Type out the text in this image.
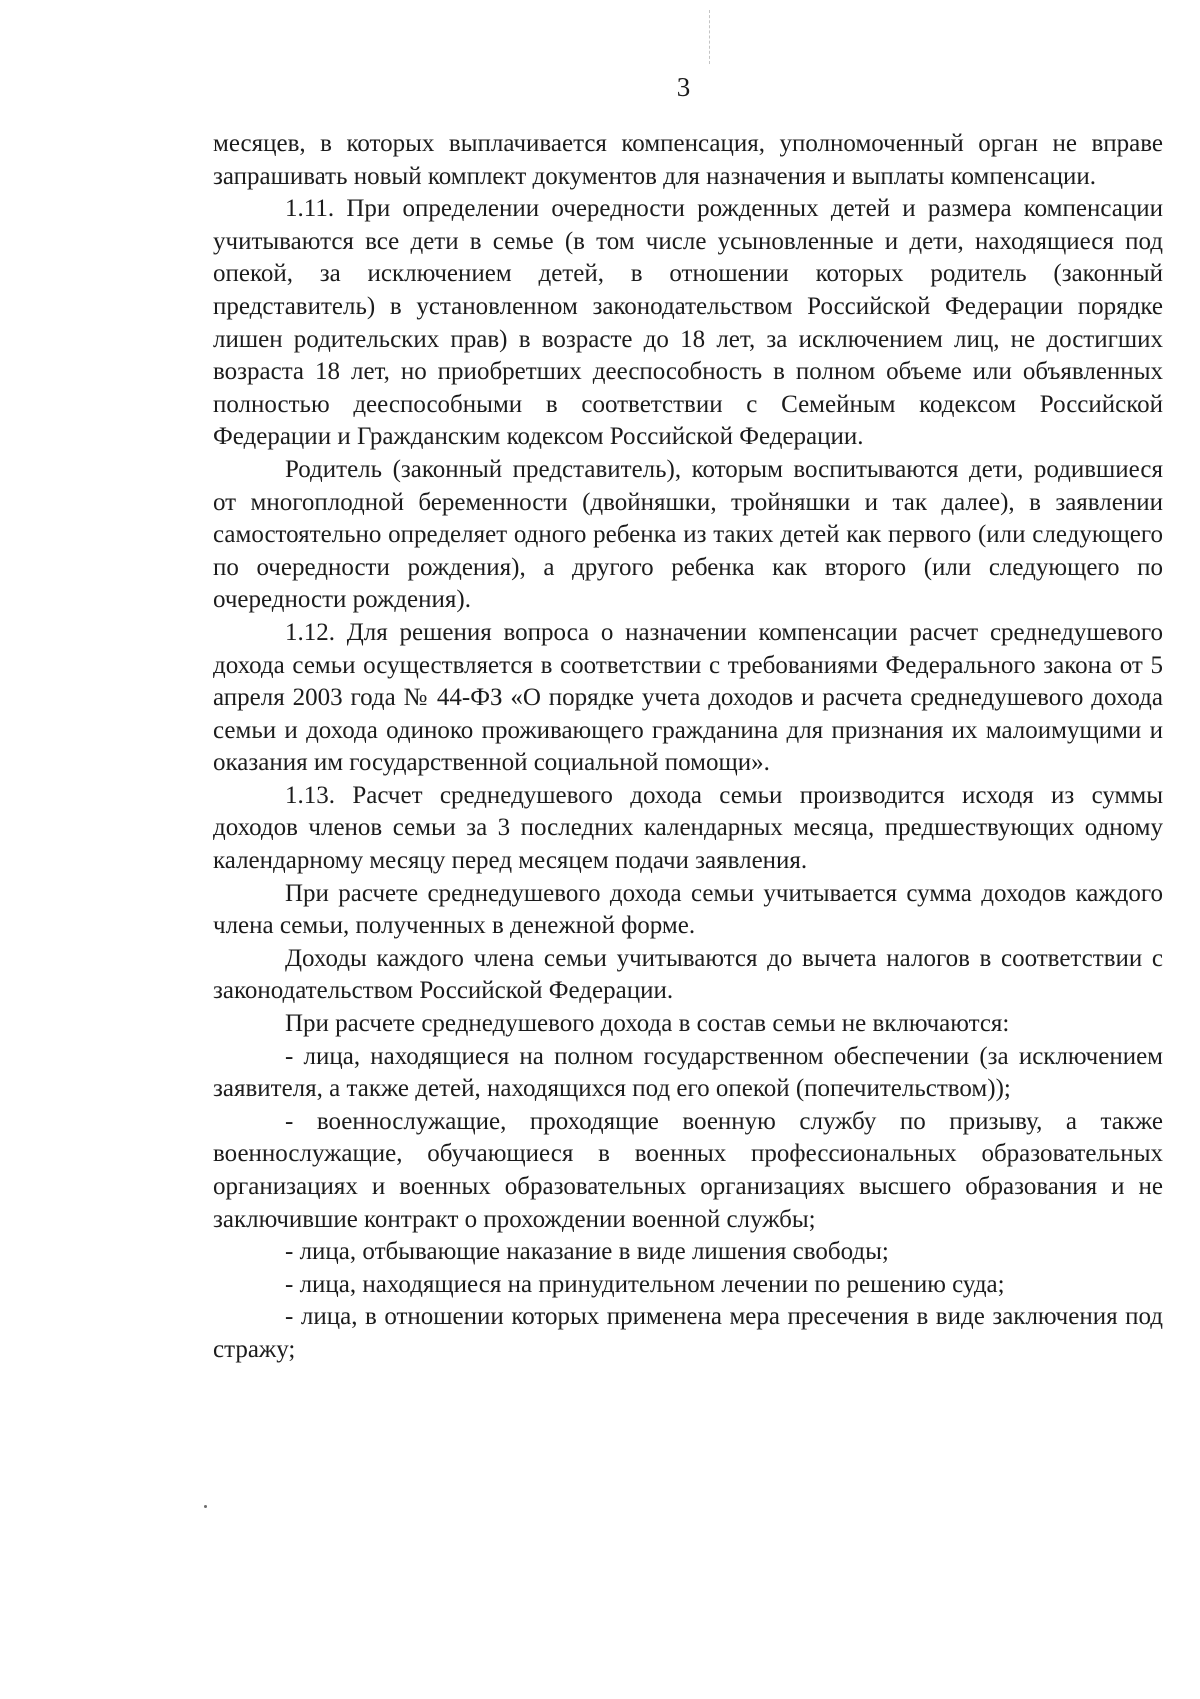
3

месяцев, в которых выплачивается компенсация, уполномоченный орган не вправе запрашивать новый комплект документов для назначения и выплаты компенсации.

1.11. При определении очередности рожденных детей и размера компенсации учитываются все дети в семье (в том числе усыновленные и дети, находящиеся под опекой, за исключением детей, в отношении которых родитель (законный представитель) в установленном законодательством Российской Федерации порядке лишен родительских прав) в возрасте до 18 лет, за исключением лиц, не достигших возраста 18 лет, но приобретших дееспособность в полном объеме или объявленных полностью дееспособными в соответствии с Семейным кодексом Российской Федерации и Гражданским кодексом Российской Федерации.

Родитель (законный представитель), которым воспитываются дети, родившиеся от многоплодной беременности (двойняшки, тройняшки и так далее), в заявлении самостоятельно определяет одного ребенка из таких детей как первого (или следующего по очередности рождения), а другого ребенка как второго (или следующего по очередности рождения).

1.12. Для решения вопроса о назначении компенсации расчет среднедушевого дохода семьи осуществляется в соответствии с требованиями Федерального закона от 5 апреля 2003 года № 44-ФЗ «О порядке учета доходов и расчета среднедушевого дохода семьи и дохода одиноко проживающего гражданина для признания их малоимущими и оказания им государственной социальной помощи».

1.13. Расчет среднедушевого дохода семьи производится исходя из суммы доходов членов семьи за 3 последних календарных месяца, предшествующих одному календарному месяцу перед месяцем подачи заявления.

При расчете среднедушевого дохода семьи учитывается сумма доходов каждого члена семьи, полученных в денежной форме.

Доходы каждого члена семьи учитываются до вычета налогов в соответствии с законодательством Российской Федерации.

При расчете среднедушевого дохода в состав семьи не включаются:

- лица, находящиеся на полном государственном обеспечении (за исключением заявителя, а также детей, находящихся под его опекой (попечительством));

- военнослужащие, проходящие военную службу по призыву, а также военнослужащие, обучающиеся в военных профессиональных образовательных организациях и военных образовательных организациях высшего образования и не заключившие контракт о прохождении военной службы;

- лица, отбывающие наказание в виде лишения свободы;

- лица, находящиеся на принудительном лечении по решению суда;

- лица, в отношении которых применена мера пресечения в виде заключения под стражу;
